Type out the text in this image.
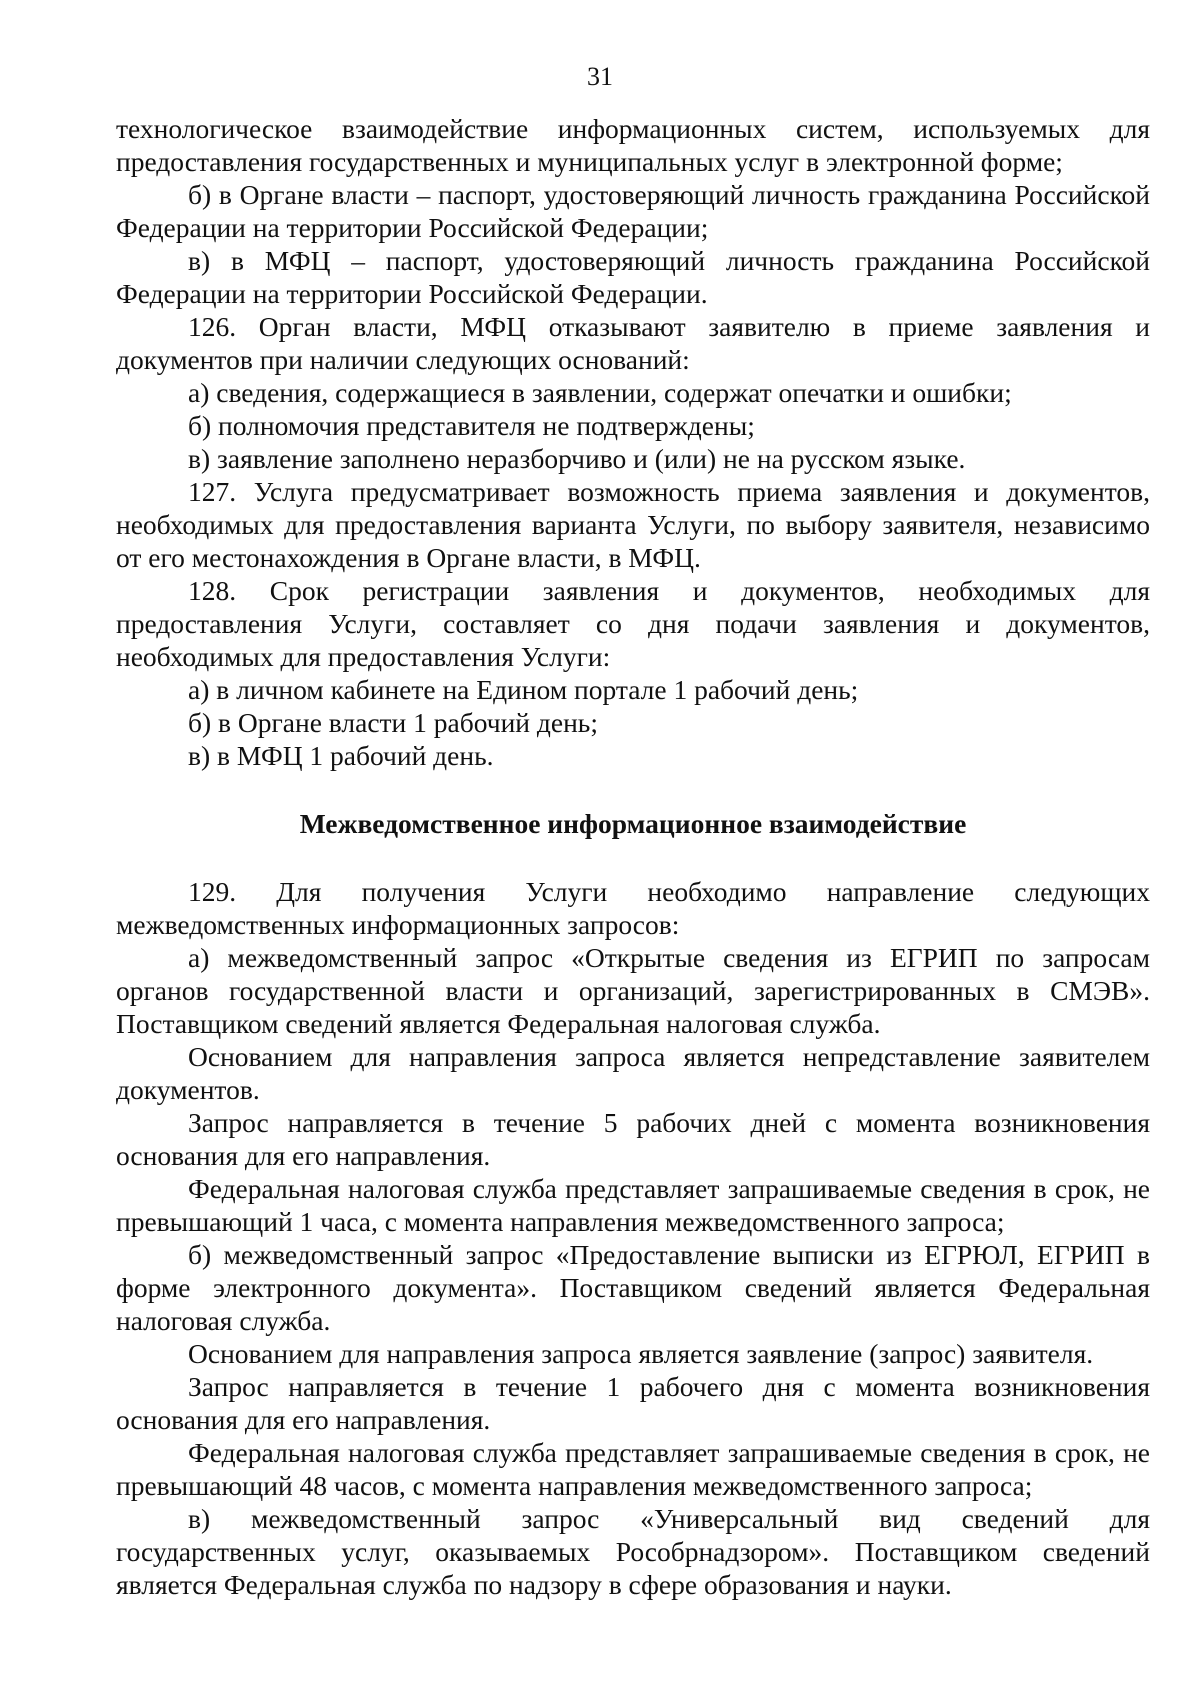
31

технологическое взаимодействие информационных систем, используемых для предоставления государственных и муниципальных услуг в электронной форме;

б) в Органе власти – паспорт, удостоверяющий личность гражданина Российской Федерации на территории Российской Федерации;

в) в МФЦ – паспорт, удостоверяющий личность гражданина Российской Федерации на территории Российской Федерации.

126. Орган власти, МФЦ отказывают заявителю в приеме заявления и документов при наличии следующих оснований:

а) сведения, содержащиеся в заявлении, содержат опечатки и ошибки;

б) полномочия представителя не подтверждены;

в) заявление заполнено неразборчиво и (или) не на русском языке.

127. Услуга предусматривает возможность приема заявления и документов, необходимых для предоставления варианта Услуги, по выбору заявителя, независимо от его местонахождения в Органе власти, в МФЦ.

128. Срок регистрации заявления и документов, необходимых для предоставления Услуги, составляет со дня подачи заявления и документов, необходимых для предоставления Услуги:

а) в личном кабинете на Едином портале 1 рабочий день;

б) в Органе власти 1 рабочий день;

в) в МФЦ 1 рабочий день.

Межведомственное информационное взаимодействие

129. Для получения Услуги необходимо направление следующих межведомственных информационных запросов:

а) межведомственный запрос «Открытые сведения из ЕГРИП по запросам органов государственной власти и организаций, зарегистрированных в СМЭВ». Поставщиком сведений является Федеральная налоговая служба.

Основанием для направления запроса является непредставление заявителем документов.

Запрос направляется в течение 5 рабочих дней с момента возникновения основания для его направления.

Федеральная налоговая служба представляет запрашиваемые сведения в срок, не превышающий 1 часа, с момента направления межведомственного запроса;

б) межведомственный запрос «Предоставление выписки из ЕГРЮЛ, ЕГРИП в форме электронного документа». Поставщиком сведений является Федеральная налоговая служба.

Основанием для направления запроса является заявление (запрос) заявителя.

Запрос направляется в течение 1 рабочего дня с момента возникновения основания для его направления.

Федеральная налоговая служба представляет запрашиваемые сведения в срок, не превышающий 48 часов, с момента направления межведомственного запроса;

в) межведомственный запрос «Универсальный вид сведений для государственных услуг, оказываемых Рособрнадзором». Поставщиком сведений является Федеральная служба по надзору в сфере образования и науки.
